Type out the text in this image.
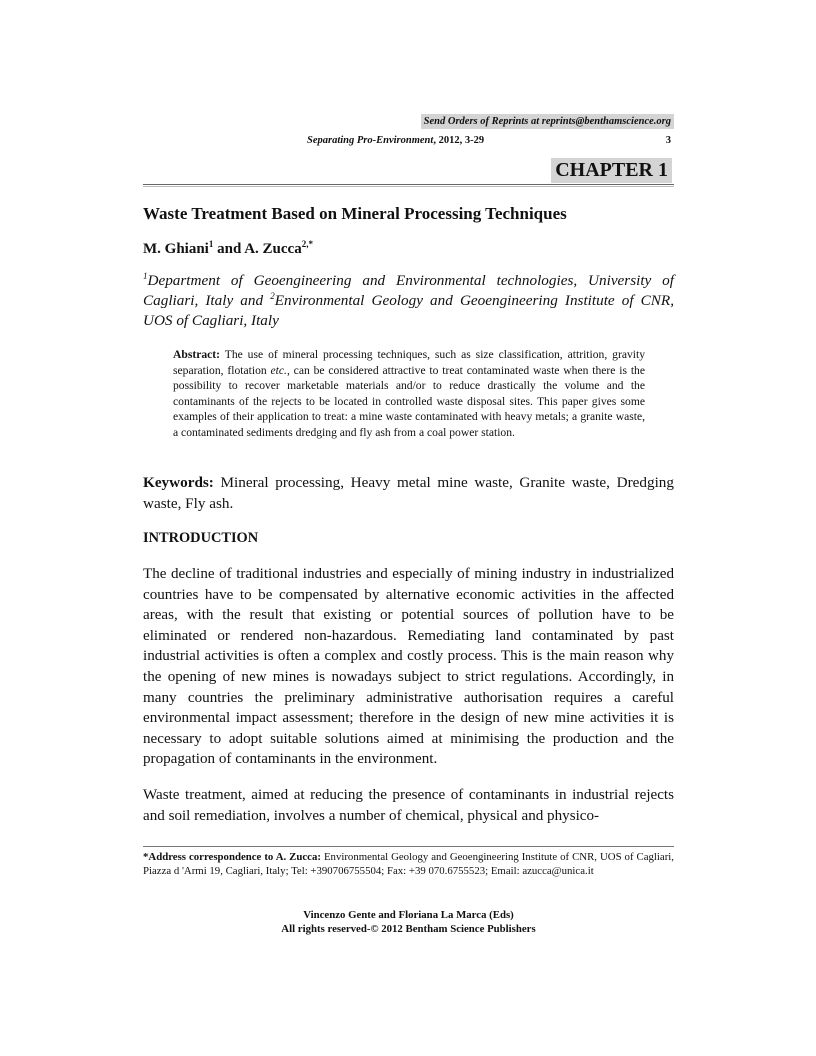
Send Orders of Reprints at reprints@benthamscience.org
Separating Pro-Environment, 2012, 3-29	3
CHAPTER 1
Waste Treatment Based on Mineral Processing Techniques
M. Ghiani$^1$ and A. Zucca$^{2,*}$

$^1$Department of Geoengineering and Environmental technologies, University of Cagliari, Italy and $^2$Environmental Geology and Geoengineering Institute of CNR, UOS of Cagliari, Italy

Abstract: The use of mineral processing techniques, such as size classification, attrition, gravity separation, flotation etc., can be considered attractive to treat contaminated waste when there is the possibility to recover marketable materials and/or to reduce drastically the volume and the contaminants of the rejects to be located in controlled waste disposal sites. This paper gives some examples of their application to treat: a mine waste contaminated with heavy metals; a granite waste, a contaminated sediments dredging and fly ash from a coal power station.

Keywords: Mineral processing, Heavy metal mine waste, Granite waste, Dredging waste, Fly ash.

INTRODUCTION

The decline of traditional industries and especially of mining industry in industrialized countries have to be compensated by alternative economic activities in the affected areas, with the result that existing or potential sources of pollution have to be eliminated or rendered non-hazardous. Remediating land contaminated by past industrial activities is often a complex and costly process. This is the main reason why the opening of new mines is nowadays subject to strict regulations. Accordingly, in many countries the preliminary administrative authorisation requires a careful environmental impact assessment; therefore in the design of new mine activities it is necessary to adopt suitable solutions aimed at minimising the production and the propagation of contaminants in the environment.

Waste treatment, aimed at reducing the presence of contaminants in industrial rejects and soil remediation, involves a number of chemical, physical and physico-

*Address correspondence to A. Zucca: Environmental Geology and Geoengineering Institute of CNR, UOS of Cagliari, Piazza d 'Armi 19, Cagliari, Italy; Tel: +390706755504; Fax: +39 070.6755523; Email: azucca@unica.it

Vincenzo Gente and Floriana La Marca (Eds)
All rights reserved-© 2012 Bentham Science Publishers
